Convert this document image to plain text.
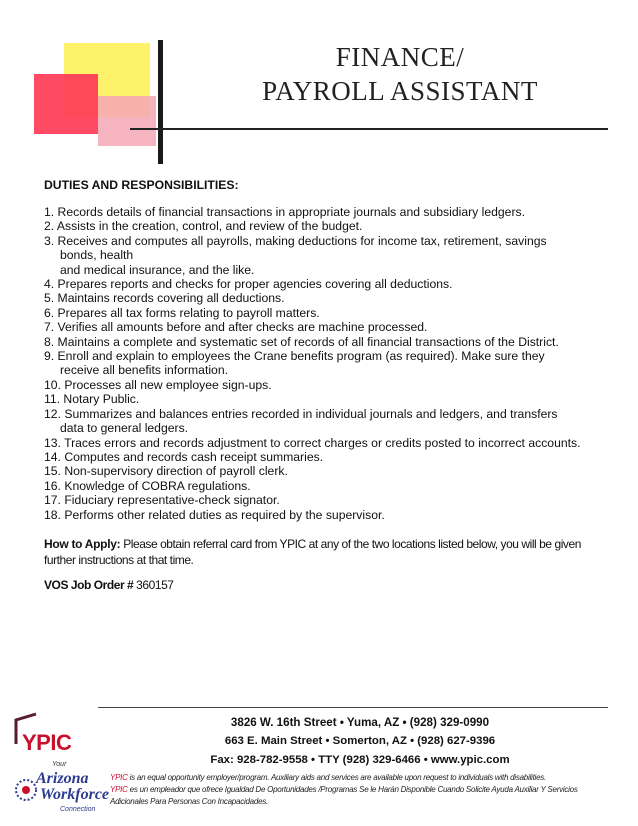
FINANCE/
PAYROLL ASSISTANT
DUTIES AND RESPONSIBILITIES:
1. Records details of financial transactions in appropriate journals and subsidiary ledgers.
2. Assists in the creation, control, and review of the budget.
3. Receives and computes all payrolls, making deductions for income tax, retirement, savings
bonds, health
and medical insurance, and the like.
4. Prepares reports and checks for proper agencies covering all deductions.
5. Maintains records covering all deductions.
6. Prepares all tax forms relating to payroll matters.
7. Verifies all amounts before and after checks are machine processed.
8. Maintains a complete and systematic set of records of all financial transactions of the District.
9. Enroll and explain to employees the Crane benefits program (as required). Make sure they
receive all benefits information.
10. Processes all new employee sign-ups.
11. Notary Public.
12. Summarizes and balances entries recorded in individual journals and ledgers, and transfers
data to general ledgers.
13. Traces errors and records adjustment to correct charges or credits posted to incorrect accounts.
14. Computes and records cash receipt summaries.
15. Non-supervisory direction of payroll clerk.
16. Knowledge of COBRA regulations.
17. Fiduciary representative-check signator.
18. Performs other related duties as required by the supervisor.
How to Apply: Please obtain referral card from YPIC at any of the two locations listed below, you will be given further instructions at that time.
VOS Job Order # 360157
YPIC
Your
Arizona
Workforce
Connection
3826 W. 16th Street • Yuma, AZ • (928) 329-0990
663 E. Main Street • Somerton, AZ • (928) 627-9396
Fax: 928-782-9558 • TTY (928) 329-6466 • www.ypic.com
YPIC is an equal opportunity employer/program. Auxiliary aids and services are available upon request to individuals with disabilities.
YPIC es un empleador que ofrece Igualdad De Oportunidades /Programas Se le Harán Disponible Cuando Solicite Ayuda Auxiliar Y Servicios Adicionales Para Personas Con Incapacidades.
